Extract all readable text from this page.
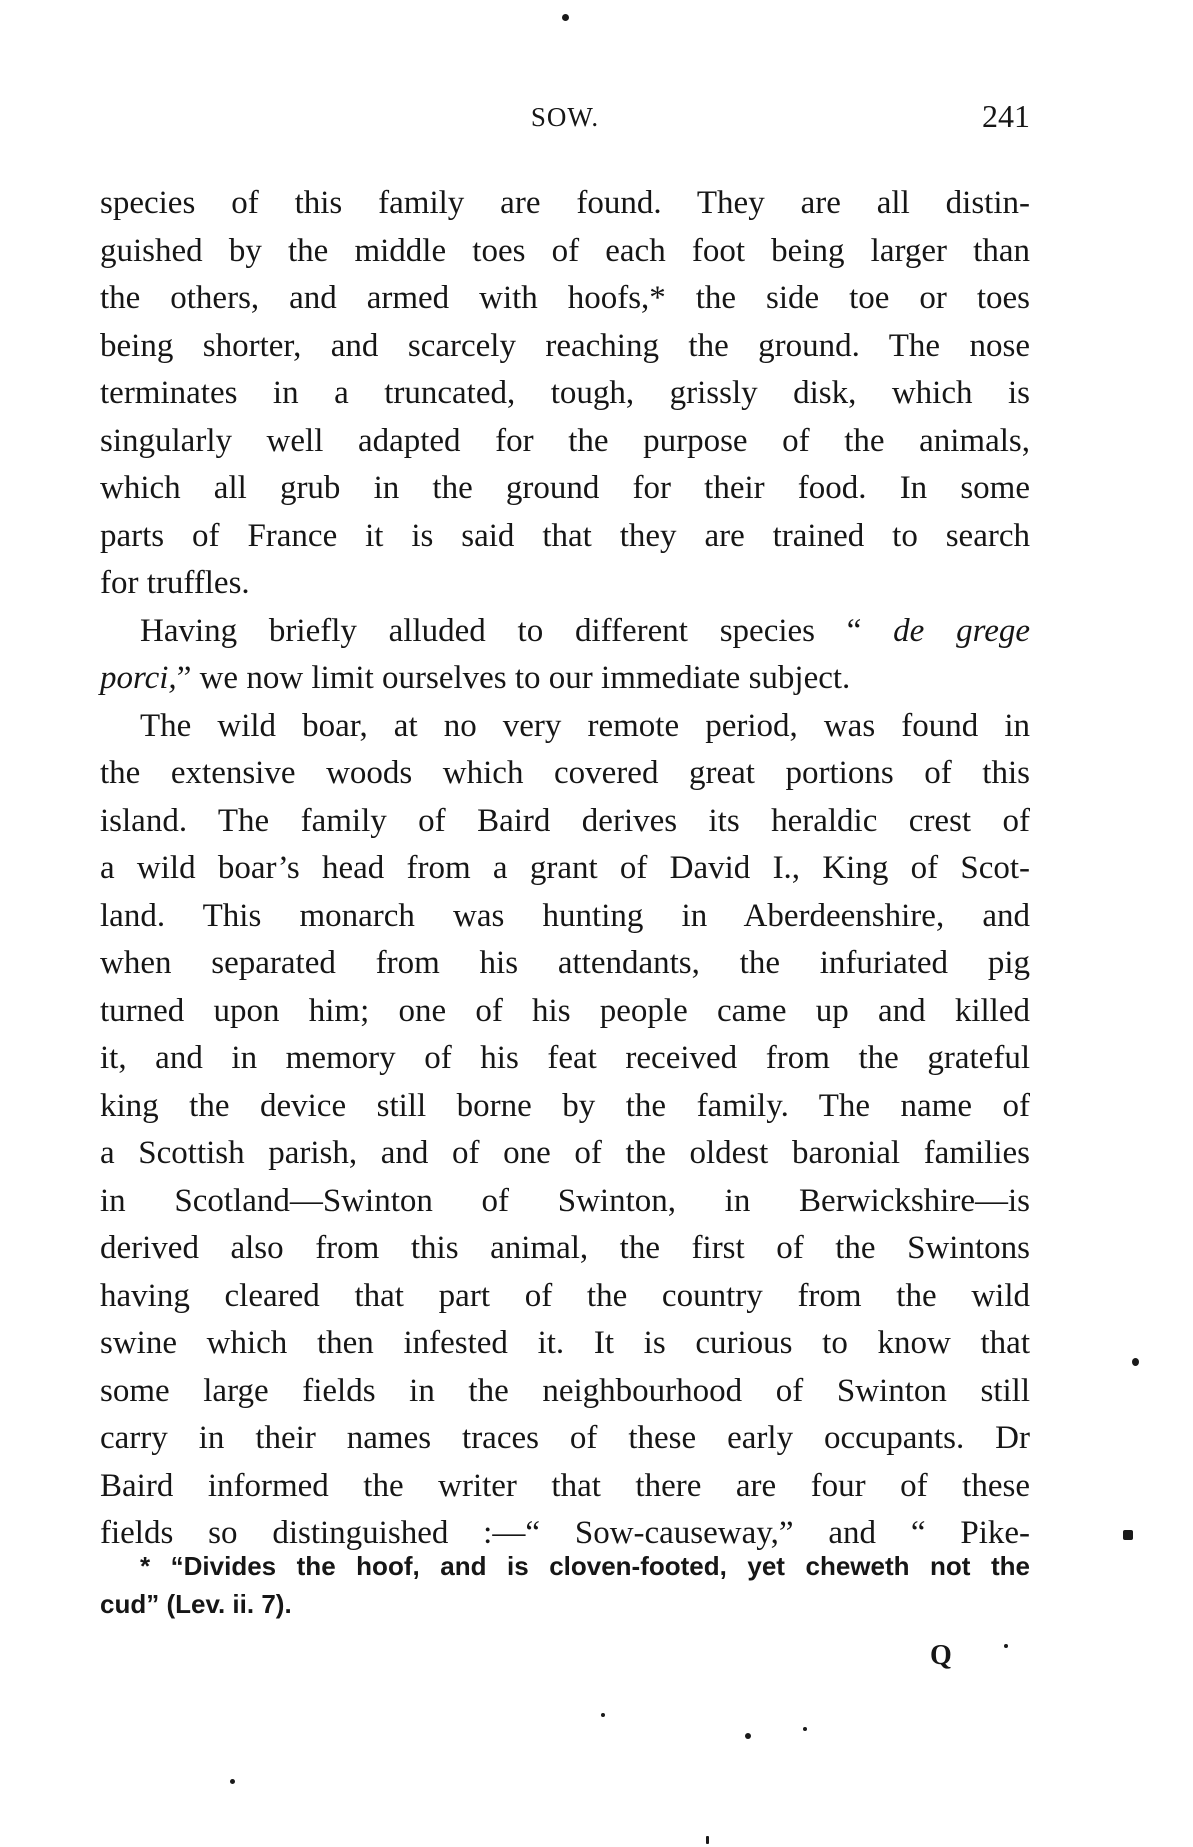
SOW.	241
species of this family are found. They are all distin-
guished by the middle toes of each foot being larger than
the others, and armed with hoofs,* the side toe or toes
being shorter, and scarcely reaching the ground. The nose
terminates in a truncated, tough, grissly disk, which is
singularly well adapted for the purpose of the animals,
which all grub in the ground for their food. In some
parts of France it is said that they are trained to search
for truffles.
Having briefly alluded to different species “ de grege
porci,” we now limit ourselves to our immediate subject.
The wild boar, at no very remote period, was found in
the extensive woods which covered great portions of this
island. The family of Baird derives its heraldic crest of
a wild boar’s head from a grant of David I., King of Scot-
land. This monarch was hunting in Aberdeenshire, and
when separated from his attendants, the infuriated pig
turned upon him; one of his people came up and killed
it, and in memory of his feat received from the grateful
king the device still borne by the family. The name of
a Scottish parish, and of one of the oldest baronial families
in Scotland—Swinton of Swinton, in Berwickshire—is
derived also from this animal, the first of the Swintons
having cleared that part of the country from the wild
swine which then infested it. It is curious to know that
some large fields in the neighbourhood of Swinton still
carry in their names traces of these early occupants. Dr
Baird informed the writer that there are four of these
fields so distinguished :—“ Sow-causeway,” and “ Pike-
* “Divides the hoof, and is cloven-footed, yet cheweth not the
cud” (Lev. ii. 7).
Q
